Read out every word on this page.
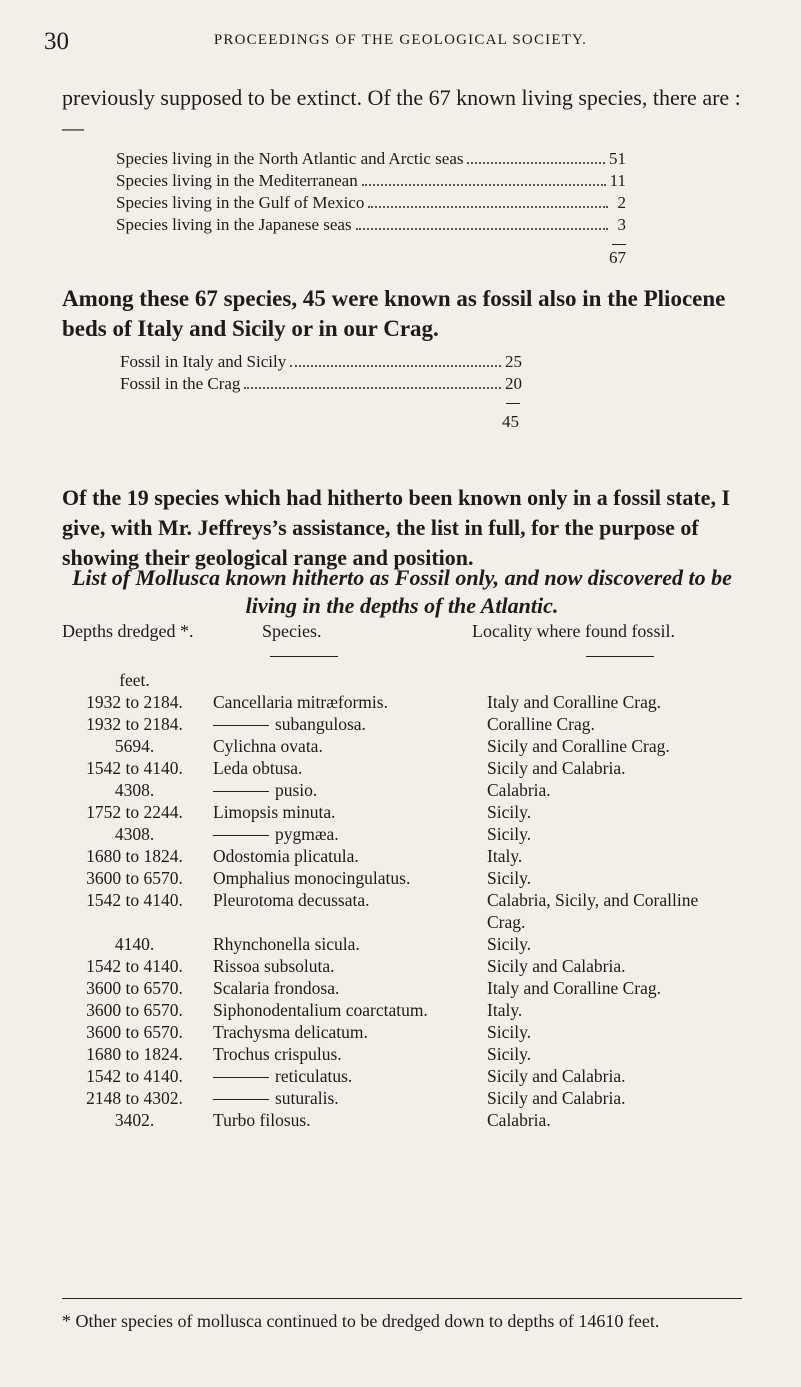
30	PROCEEDINGS OF THE GEOLOGICAL SOCIETY.
previously supposed to be extinct. Of the 67 known living species, there are :—
Species living in the North Atlantic and Arctic seas	51
Species living in the Mediterranean	11
Species living in the Gulf of Mexico	2
Species living in the Japanese seas	3
67
Among these 67 species, 45 were known as fossil also in the Pliocene beds of Italy and Sicily or in our Crag.
Fossil in Italy and Sicily	25
Fossil in the Crag	20
45
Of the 19 species which had hitherto been known only in a fossil state, I give, with Mr. Jeffreys’s assistance, the list in full, for the purpose of showing their geological range and position.
List of Mollusca known hitherto as Fossil only, and now discovered to be living in the depths of the Atlantic.
Depths dredged *.	Species.	Locality where found fossil.
feet.
1932 to 2184.	Cancellaria mitræformis.	Italy and Coralline Crag.
1932 to 2184.	subangulosa.	Coralline Crag.
5694.	Cylichna ovata.	Sicily and Coralline Crag.
1542 to 4140.	Leda obtusa.	Sicily and Calabria.
4308.	pusio.	Calabria.
1752 to 2244.	Limopsis minuta.	Sicily.
4308.	pygmæa.	Sicily.
1680 to 1824.	Odostomia plicatula.	Italy.
3600 to 6570.	Omphalius monocingulatus.	Sicily.
1542 to 4140.	Pleurotoma decussata.	Calabria, Sicily, and Coralline Crag.
4140.	Rhynchonella sicula.	Sicily.
1542 to 4140.	Rissoa subsoluta.	Sicily and Calabria.
3600 to 6570.	Scalaria frondosa.	Italy and Coralline Crag.
3600 to 6570.	Siphonodentalium coarctatum.	Italy.
3600 to 6570.	Trachysma delicatum.	Sicily.
1680 to 1824.	Trochus crispulus.	Sicily.
1542 to 4140.	reticulatus.	Sicily and Calabria.
2148 to 4302.	suturalis.	Sicily and Calabria.
3402.	Turbo filosus.	Calabria.
* Other species of mollusca continued to be dredged down to depths of 14610 feet.
